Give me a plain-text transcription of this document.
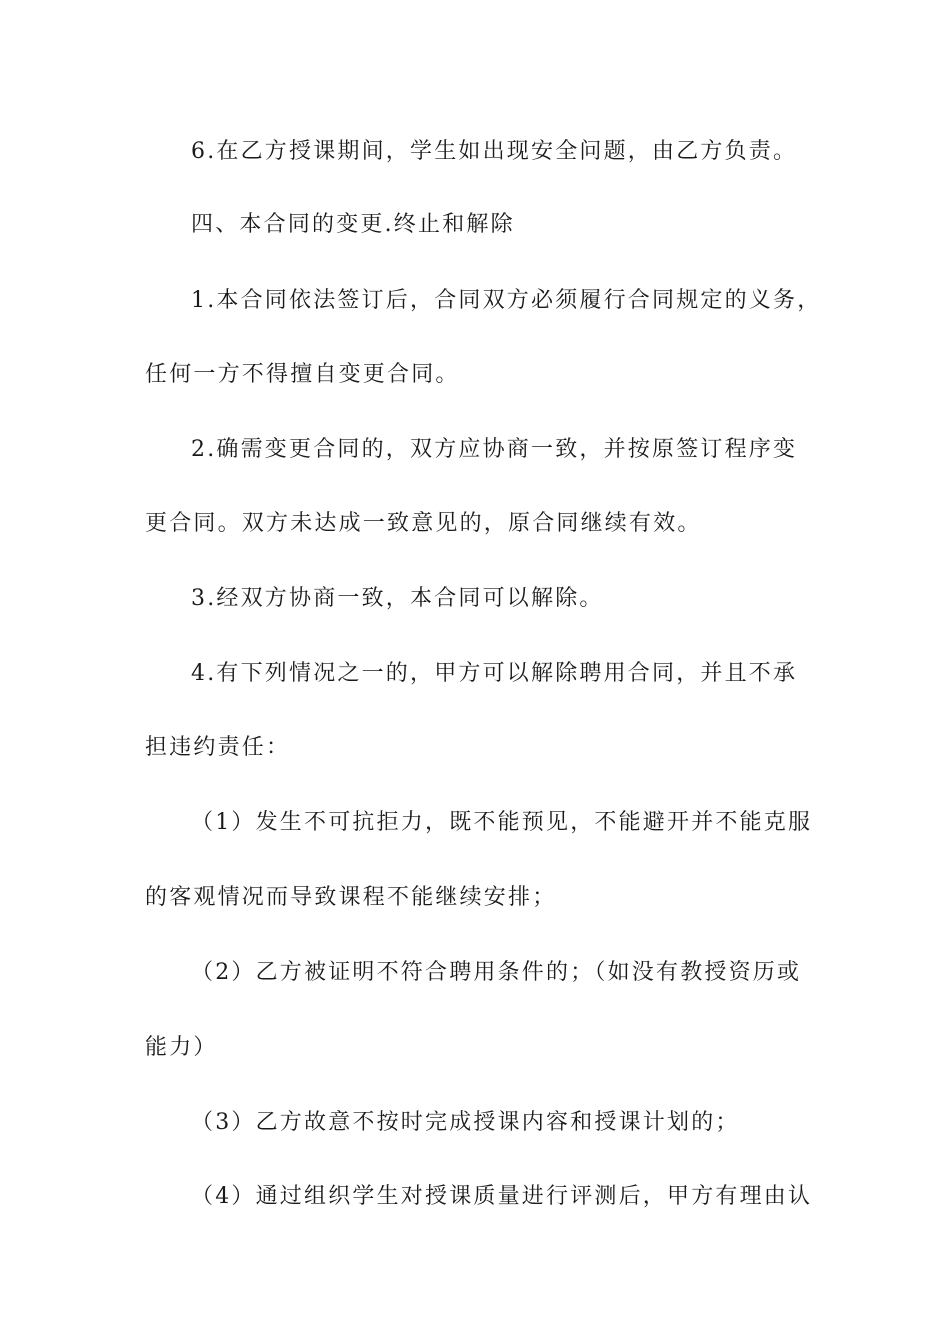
6.在乙方授课期间，学生如出现安全问题，由乙方负责。
四、本合同的变更.终止和解除
1.本合同依法签订后，合同双方必须履行合同规定的义务，
任何一方不得擅自变更合同。
2.确需变更合同的，双方应协商一致，并按原签订程序变
更合同。双方未达成一致意见的，原合同继续有效。
3.经双方协商一致，本合同可以解除。
4.有下列情况之一的，甲方可以解除聘用合同，并且不承
担违约责任：
（1）发生不可抗拒力，既不能预见，不能避开并不能克服
的客观情况而导致课程不能继续安排；
（2）乙方被证明不符合聘用条件的；（如没有教授资历或
能力）
（3）乙方故意不按时完成授课内容和授课计划的；
（4）通过组织学生对授课质量进行评测后，甲方有理由认
